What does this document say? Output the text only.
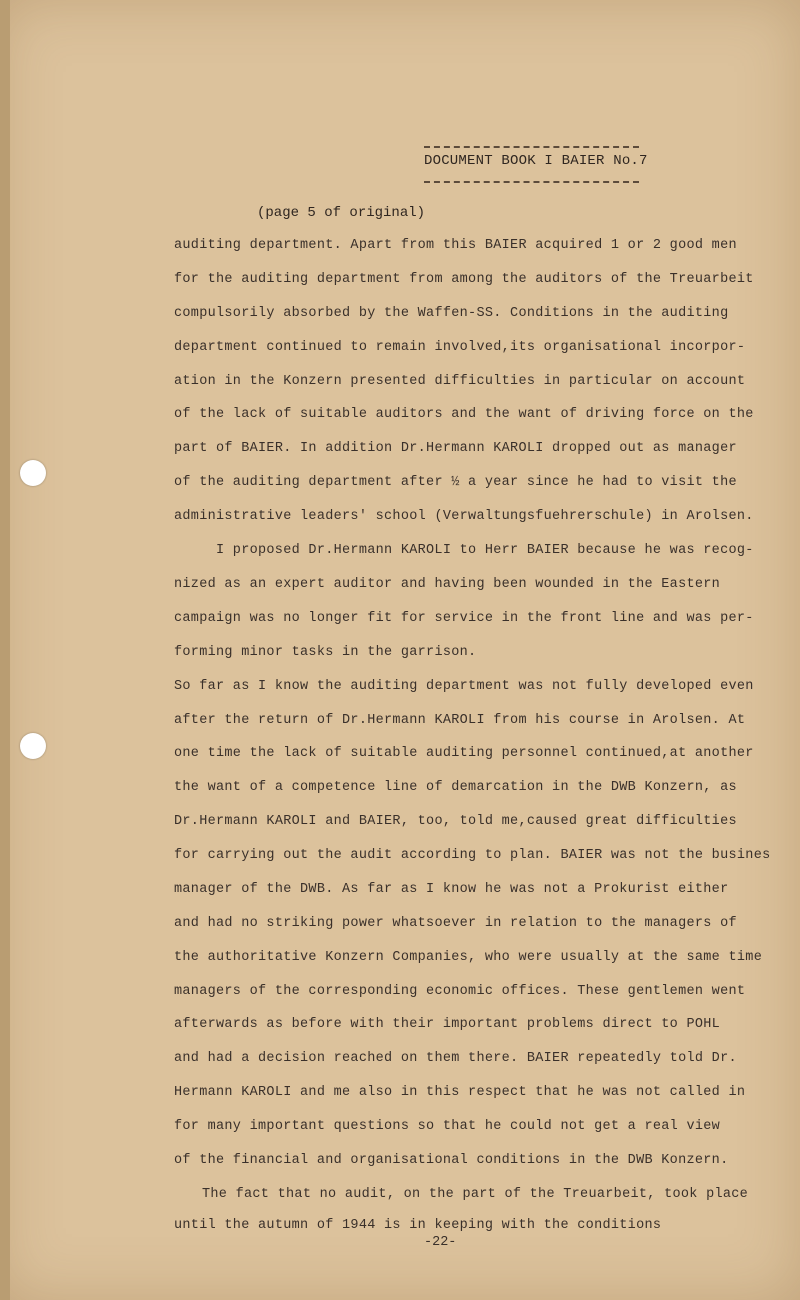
DOCUMENT BOOK I BAIER No.7
(page 5 of original)
auditing department. Apart from this BAIER acquired 1 or 2 good men
for the auditing department from among the auditors of the Treuarbeit
compulsorily absorbed by the Waffen-SS. Conditions in the auditing
department continued to remain involved,its organisational incorpor-
ation in the Konzern presented difficulties in particular on account
of the lack of suitable auditors and the want of driving force on the
part of BAIER. In addition Dr.Hermann KAROLI dropped out as manager
of the auditing department after ½ a year since he had to visit the
administrative leaders' school (Verwaltungsfuehrerschule) in Arolsen.
I proposed Dr.Hermann KAROLI to Herr BAIER because he was recog-
nized as an expert auditor and having been wounded in the Eastern
campaign was no longer fit for service in the front line and was per-
forming minor tasks in the garrison.
So far as I know the auditing department was not fully developed even
after the return of Dr.Hermann KAROLI from his course in Arolsen. At
one time the lack of suitable auditing personnel continued,at another
the want of a competence line of demarcation in the DWB Konzern, as
Dr.Hermann KAROLI and BAIER, too, told me,caused great difficulties
for carrying out the audit according to plan. BAIER was not the busines
manager of the DWB. As far as I know he was not a Prokurist either
and had no striking power whatsoever in relation to the managers of
the authoritative Konzern Companies, who were usually at the same time
managers of the corresponding economic offices. These gentlemen went
afterwards as before with their important problems direct to POHL
and had a decision reached on them there. BAIER repeatedly told Dr.
Hermann KAROLI and me also in this respect that he was not called in
for many important questions so that he could not get a real view
of the financial and organisational conditions in the DWB Konzern.
The fact that no audit, on the part of the Treuarbeit, took place
until the autumn of 1944 is in keeping with the conditions
-22-
